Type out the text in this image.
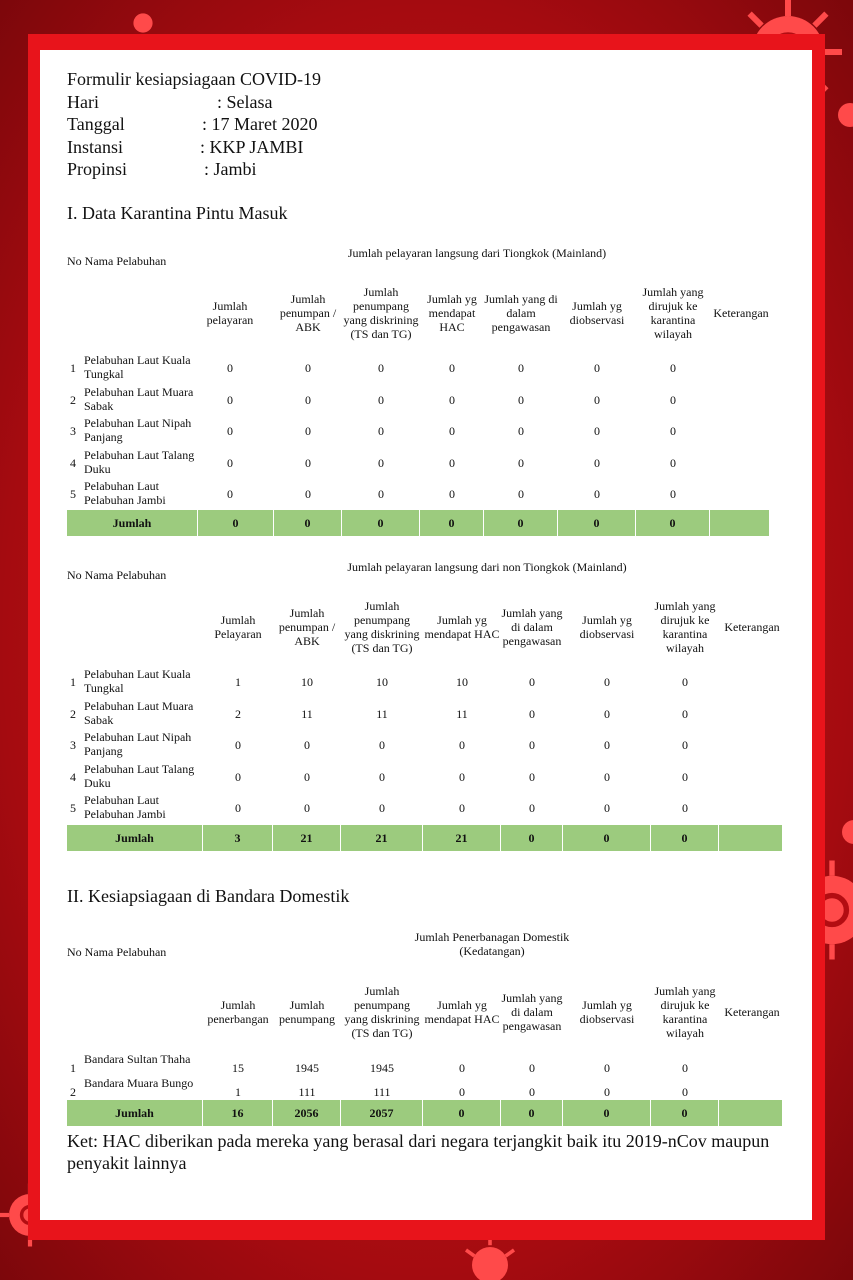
Formulir kesiapsiagaan COVID-19
Hari	: Selasa
Tanggal	: 17 Maret 2020
Instansi	: KKP JAMBI
Propinsi	: Jambi
I. Data Karantina Pintu Masuk
No Nama Pelabuhan
Jumlah pelayaran langsung dari Tiongkok (Mainland)
Jumlah pelayaran
Jumlah penumpan / ABK
Jumlah penumpang yang diskrining (TS dan TG)
Jumlah yg mendapat HAC
Jumlah yang di dalam pengawasan
Jumlah yg diobservasi
Jumlah yang dirujuk ke karantina wilayah
Keterangan
1
Pelabuhan Laut Kuala Tungkal	0	0	0	0	0	0	0
2
Pelabuhan Laut Muara Sabak	0	0	0	0	0	0	0
3
Pelabuhan Laut Nipah Panjang	0	0	0	0	0	0	0
4
Pelabuhan Laut Talang Duku	0	0	0	0	0	0	0
5
Pelabuhan Laut Pelabuhan Jambi	0	0	0	0	0	0	0
Jumlah	0	0	0	0	0	0	0
No Nama Pelabuhan
Jumlah pelayaran langsung dari non Tiongkok (Mainland)
Jumlah Pelayaran
Jumlah penumpan / ABK
Jumlah penumpang yang diskrining (TS dan TG)
Jumlah yg mendapat HAC
Jumlah yang di dalam pengawasan
Jumlah yg diobservasi
Jumlah yang dirujuk ke karantina wilayah
Keterangan
1
Pelabuhan Laut Kuala Tungkal	1	10	10	10	0	0	0
2
Pelabuhan Laut Muara Sabak	2	11	11	11	0	0	0
3
Pelabuhan Laut Nipah Panjang	0	0	0	0	0	0	0
4
Pelabuhan Laut Talang Duku	0	0	0	0	0	0	0
5
Pelabuhan Laut Pelabuhan Jambi	0	0	0	0	0	0	0
Jumlah	3	21	21	21	0	0	0
II. Kesiapsiagaan di Bandara Domestik
No Nama Pelabuhan
Jumlah Penerbanagan Domestik
(Kedatangan)
Jumlah penerbangan
Jumlah penumpang
Jumlah penumpang yang diskrining (TS dan TG)
Jumlah yg mendapat HAC
Jumlah yang di dalam pengawasan
Jumlah yg diobservasi
Jumlah yang dirujuk ke karantina wilayah
Keterangan
1
Bandara Sultan Thaha
15	1945	1945	0	0	0	0
2
Bandara Muara Bungo
1	111	111	0	0	0	0
Jumlah	16	2056	2057	0	0	0	0
Ket: HAC diberikan pada mereka yang berasal dari negara terjangkit baik itu 2019-nCov maupun penyakit lainnya
